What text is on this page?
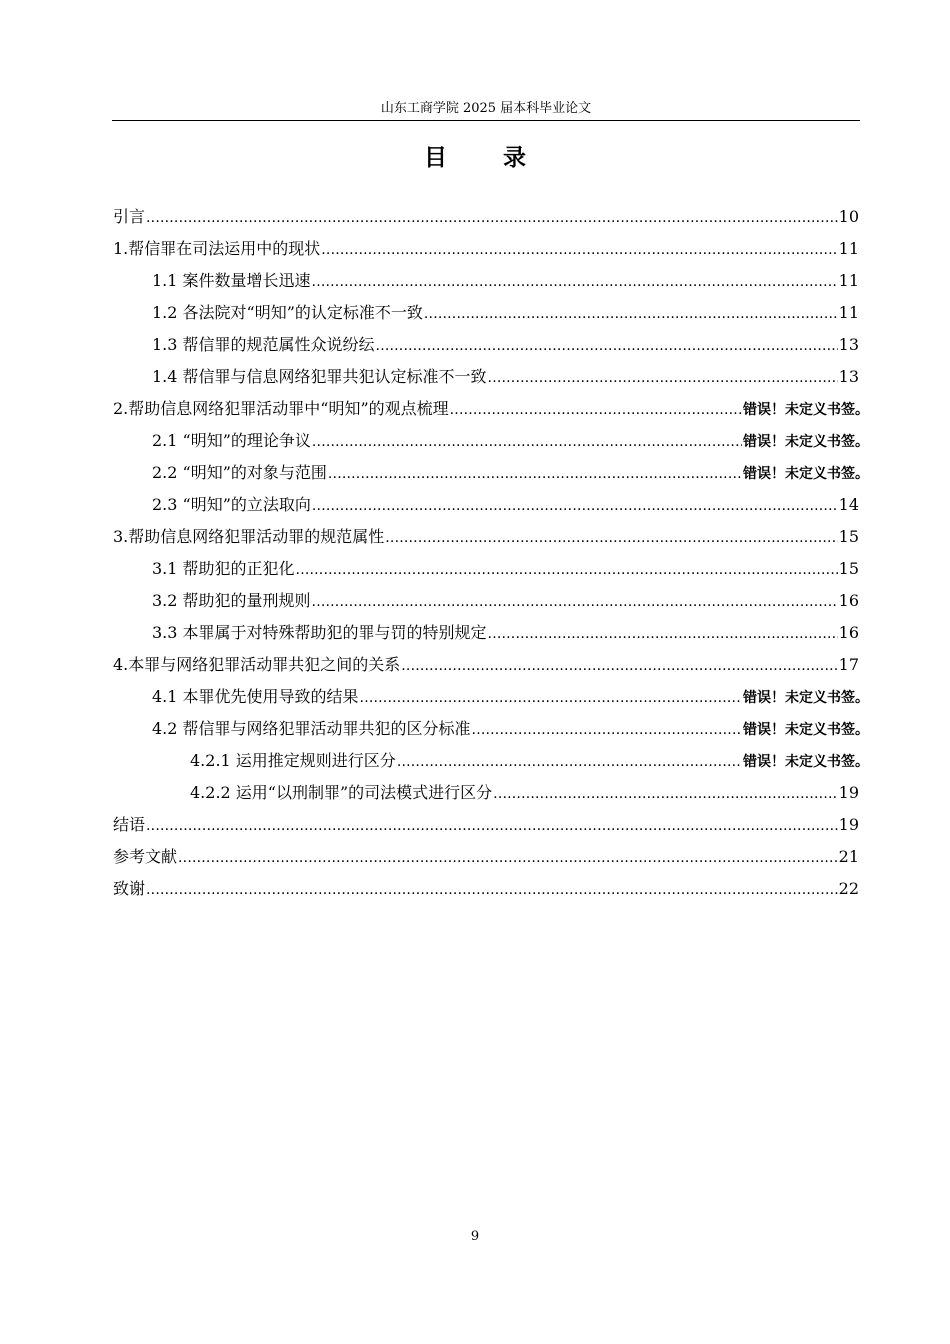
山东工商学院 2025 届本科毕业论文
目 录
引言 .....	10
1.帮信罪在司法运用中的现状 .....	11
1.1 案件数量增长迅速 .....	11
1.2 各法院对“明知”的认定标准不一致 .....	11
1.3 帮信罪的规范属性众说纷纭 .....	13
1.4 帮信罪与信息网络犯罪共犯认定标准不一致 .....	13
2.帮助信息网络犯罪活动罪中“明知”的观点梳理 .....	错误！未定义书签。
2.1 “明知”的理论争议 .....	错误！未定义书签。
2.2 “明知”的对象与范围 .....	错误！未定义书签。
2.3 “明知”的立法取向 .....	14
3.帮助信息网络犯罪活动罪的规范属性 .....	15
3.1 帮助犯的正犯化 .....	15
3.2 帮助犯的量刑规则 .....	16
3.3 本罪属于对特殊帮助犯的罪与罚的特别规定 .....	16
4.本罪与网络犯罪活动罪共犯之间的关系 .....	17
4.1 本罪优先使用导致的结果 .....	错误！未定义书签。
4.2 帮信罪与网络犯罪活动罪共犯的区分标准 .....	错误！未定义书签。
4.2.1 运用推定规则进行区分 .....	错误！未定义书签。
4.2.2 运用“以刑制罪”的司法模式进行区分 .....	19
结语 .....	19
参考文献 .....	21
致谢 .....	22
9
